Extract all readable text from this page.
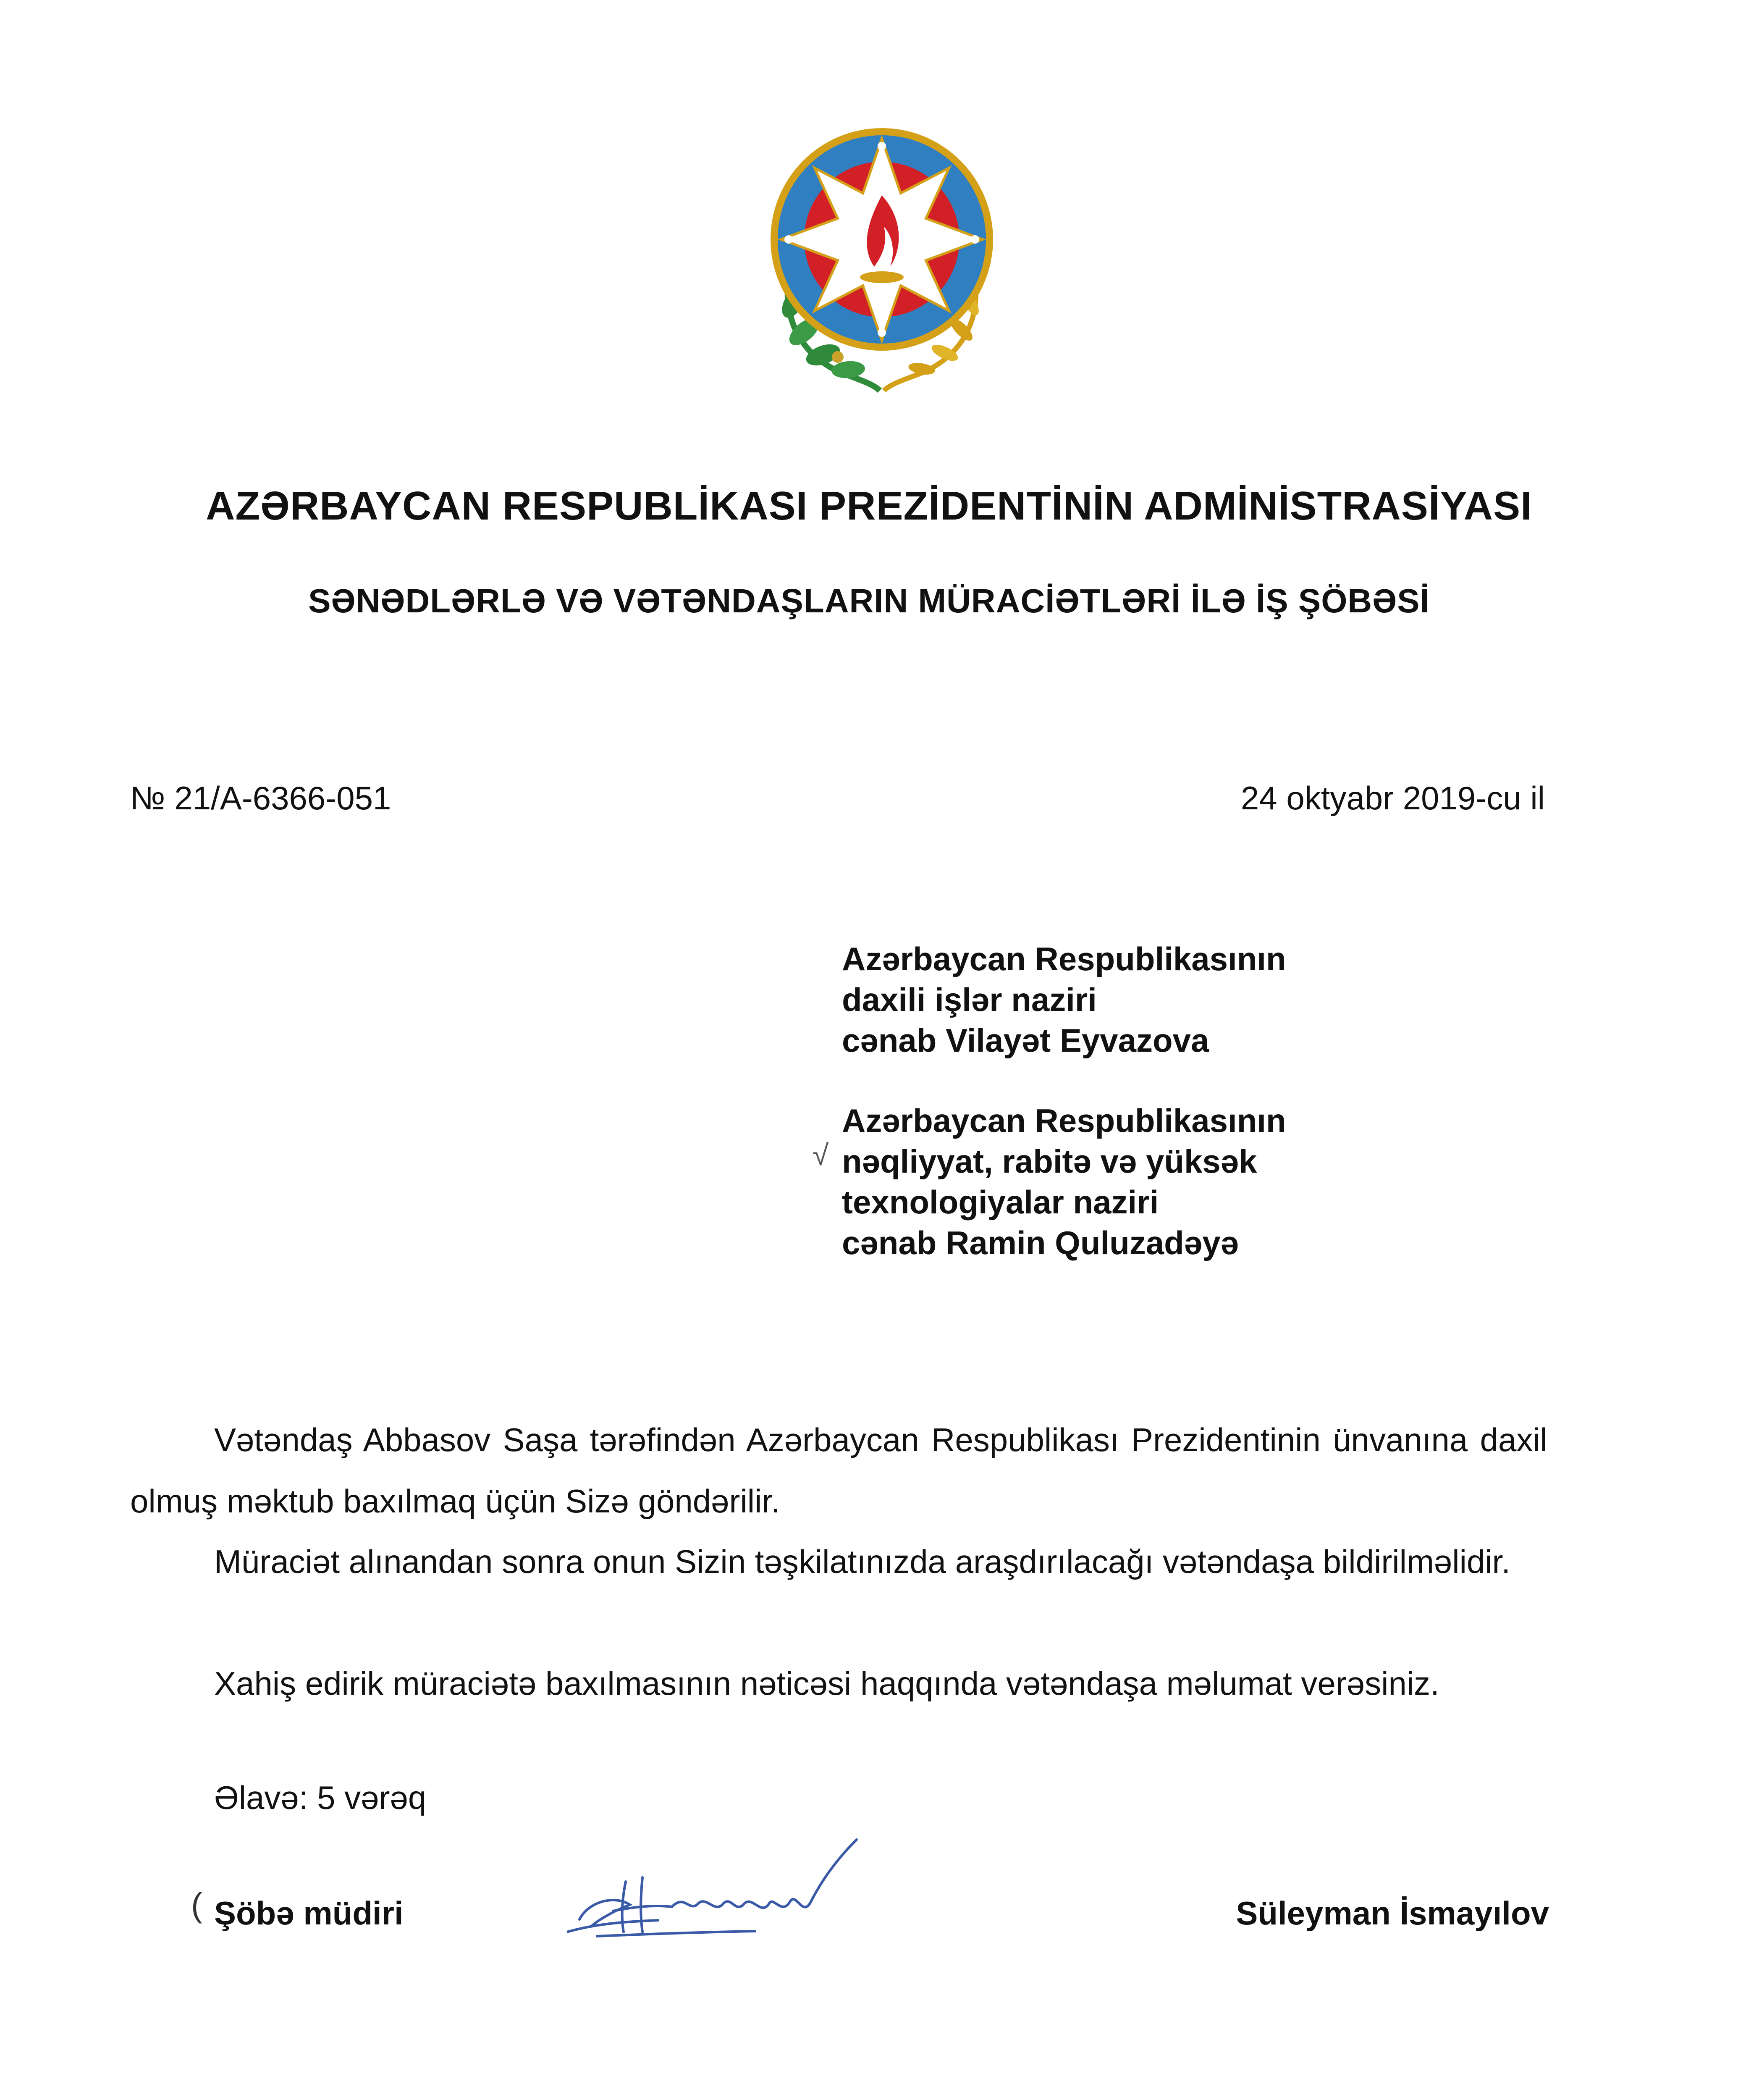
AZƏRBAYCAN RESPUBLİKASI PREZİDENTİNİN ADMİNİSTRASİYASI
SƏNƏDLƏRLƏ VƏ VƏTƏNDAŞLARIN MÜRACİƏTLƏRİ İLƏ İŞ ŞÖBƏSİ
№ 21/A-6366-051	24 oktyabr 2019-cu il
Azərbaycan Respublikasının
daxili işlər naziri
cənab Vilayət Eyvazova
√
Azərbaycan Respublikasının
nəqliyyat, rabitə və yüksək
texnologiyalar naziri
cənab Ramin Quluzadəyə

Vətəndaş Abbasov Saşa tərəfindən Azərbaycan Respublikası Prezidentinin ünvanına daxil olmuş məktub baxılmaq üçün Sizə göndərilir.

Müraciət alınandan sonra onun Sizin təşkilatınızda araşdırılacağı vətəndaşa bildirilməlidir.

Xahiş edirik müraciətə baxılmasının nəticəsi haqqında vətəndaşa məlumat verəsiniz.

Əlavə: 5 vərəq
( Şöbə müdiri	Süleyman İsmayılov
